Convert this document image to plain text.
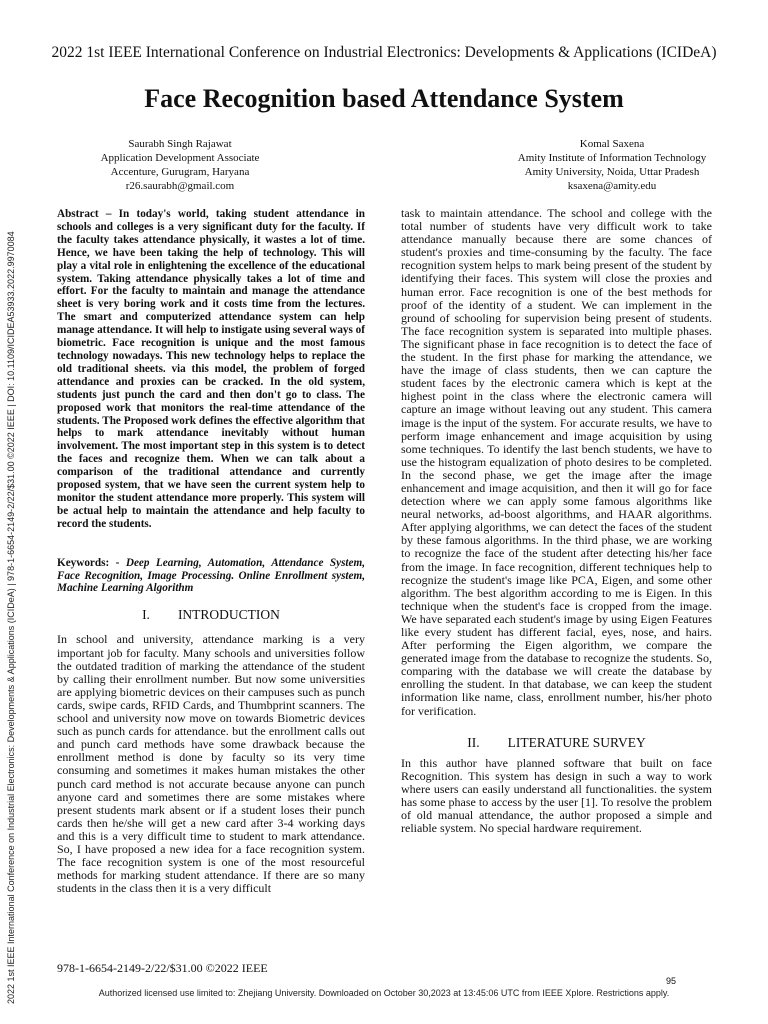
2022 1st IEEE International Conference on Industrial Electronics: Developments & Applications (ICIDeA)
Face Recognition based Attendance System
Saurabh Singh Rajawat
Application Development Associate
Accenture, Gurugram, Haryana
r26.saurabh@gmail.com
Komal Saxena
Amity Institute of Information Technology
Amity University, Noida, Uttar Pradesh
ksaxena@amity.edu
2022 1st IEEE International Conference on Industrial Electronics: Developments & Applications (ICIDeA) | 978-1-6654-2149-2/22/$31.00 ©2022 IEEE | DOI: 10.1109/ICIDEA53933.2022.9970084

Abstract – In today's world, taking student attendance in schools and colleges is a very significant duty for the faculty. If the faculty takes attendance physically, it wastes a lot of time. Hence, we have been taking the help of technology. This will play a vital role in enlightening the excellence of the educational system. Taking attendance physically takes a lot of time and effort. For the faculty to maintain and manage the attendance sheet is very boring work and it costs time from the lectures. The smart and computerized attendance system can help manage attendance. It will help to instigate using several ways of biometric. Face recognition is unique and the most famous technology nowadays. This new technology helps to replace the old traditional sheets. via this model, the problem of forged attendance and proxies can be cracked. In the old system, students just punch the card and then don't go to class. The proposed work that monitors the real-time attendance of the students. The Proposed work defines the effective algorithm that helps to mark attendance inevitably without human involvement. The most important step in this system is to detect the faces and recognize them. When we can talk about a comparison of the traditional attendance and currently proposed system, that we have seen the current system help to monitor the student attendance more properly. This system will be actual help to maintain the attendance and help faculty to record the students.

Keywords: - Deep Learning, Automation, Attendance System, Face Recognition, Image Processing. Online Enrollment system, Machine Learning Algorithm

I. INTRODUCTION

In school and university, attendance marking is a very important job for faculty. Many schools and universities follow the outdated tradition of marking the attendance of the student by calling their enrollment number. But now some universities are applying biometric devices on their campuses such as punch cards, swipe cards, RFID Cards, and Thumbprint scanners. The school and university now move on towards Biometric devices such as punch cards for attendance. but the enrollment calls out and punch card methods have some drawback because the enrollment method is done by faculty so its very time consuming and sometimes it makes human mistakes the other punch card method is not accurate because anyone can punch anyone card and sometimes there are some mistakes where present students mark absent or if a student loses their punch cards then he/she will get a new card after 3-4 working days and this is a very difficult time to student to mark attendance. So, I have proposed a new idea for a face recognition system. The face recognition system is one of the most resourceful methods for marking student attendance. If there are so many students in the class then it is a very difficult

task to maintain attendance. The school and college with the total number of students have very difficult work to take attendance manually because there are some chances of student's proxies and time-consuming by the faculty. The face recognition system helps to mark being present of the student by identifying their faces. This system will close the proxies and human error. Face recognition is one of the best methods for proof of the identity of a student. We can implement in the ground of schooling for supervision being present of students. The face recognition system is separated into multiple phases. The significant phase in face recognition is to detect the face of the student. In the first phase for marking the attendance, we have the image of class students, then we can capture the student faces by the electronic camera which is kept at the highest point in the class where the electronic camera will capture an image without leaving out any student. This camera image is the input of the system. For accurate results, we have to perform image enhancement and image acquisition by using some techniques. To identify the last bench students, we have to use the histogram equalization of photo desires to be completed. In the second phase, we get the image after the image enhancement and image acquisition, and then it will go for face detection where we can apply some famous algorithms like neural networks, ad-boost algorithms, and HAAR algorithms. After applying algorithms, we can detect the faces of the student by these famous algorithms. In the third phase, we are working to recognize the face of the student after detecting his/her face from the image. In face recognition, different techniques help to recognize the student's image like PCA, Eigen, and some other algorithm. The best algorithm according to me is Eigen. In this technique when the student's face is cropped from the image. We have separated each student's image by using Eigen Features like every student has different facial, eyes, nose, and hairs. After performing the Eigen algorithm, we compare the generated image from the database to recognize the students. So, comparing with the database we will create the database by enrolling the student. In that database, we can keep the student information like name, class, enrollment number, his/her photo for verification.

II. LITERATURE SURVEY

In this author have planned software that built on face Recognition. This system has design in such a way to work where users can easily understand all functionalities. the system has some phase to access by the user [1]. To resolve the problem of old manual attendance, the author proposed a simple and reliable system. No special hardware requirement.

978-1-6654-2149-2/22/$31.00 ©2022 IEEE
95
Authorized licensed use limited to: Zhejiang University. Downloaded on October 30,2023 at 13:45:06 UTC from IEEE Xplore. Restrictions apply.
